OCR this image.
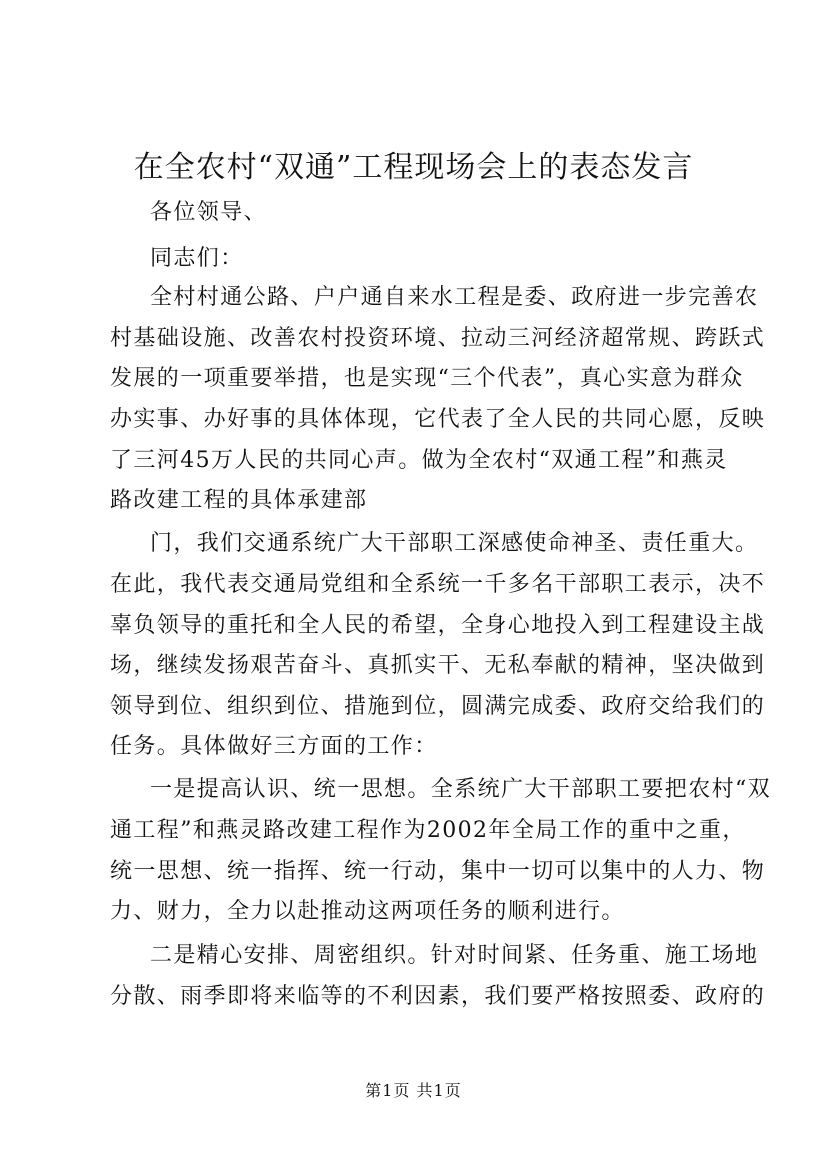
在全农村“双通”工程现场会上的表态发言
各位领导、
同志们：
全村村通公路、户户通自来水工程是委、政府进一步完善农
村基础设施、改善农村投资环境、拉动三河经济超常规、跨跃式
发展的一项重要举措，也是实现“三个代表”，真心实意为群众
办实事、办好事的具体体现，它代表了全人民的共同心愿，反映
了三河45万人民的共同心声。做为全农村“双通工程”和燕灵
路改建工程的具体承建部
门，我们交通系统广大干部职工深感使命神圣、责任重大。
在此，我代表交通局党组和全系统一千多名干部职工表示，决不
辜负领导的重托和全人民的希望，全身心地投入到工程建设主战
场，继续发扬艰苦奋斗、真抓实干、无私奉献的精神，坚决做到
领导到位、组织到位、措施到位，圆满完成委、政府交给我们的
任务。具体做好三方面的工作：
一是提高认识、统一思想。全系统广大干部职工要把农村“双
通工程”和燕灵路改建工程作为2002年全局工作的重中之重，
统一思想、统一指挥、统一行动，集中一切可以集中的人力、物
力、财力，全力以赴推动这两项任务的顺利进行。
二是精心安排、周密组织。针对时间紧、任务重、施工场地
分散、雨季即将来临等的不利因素，我们要严格按照委、政府的
第1页 共1页
